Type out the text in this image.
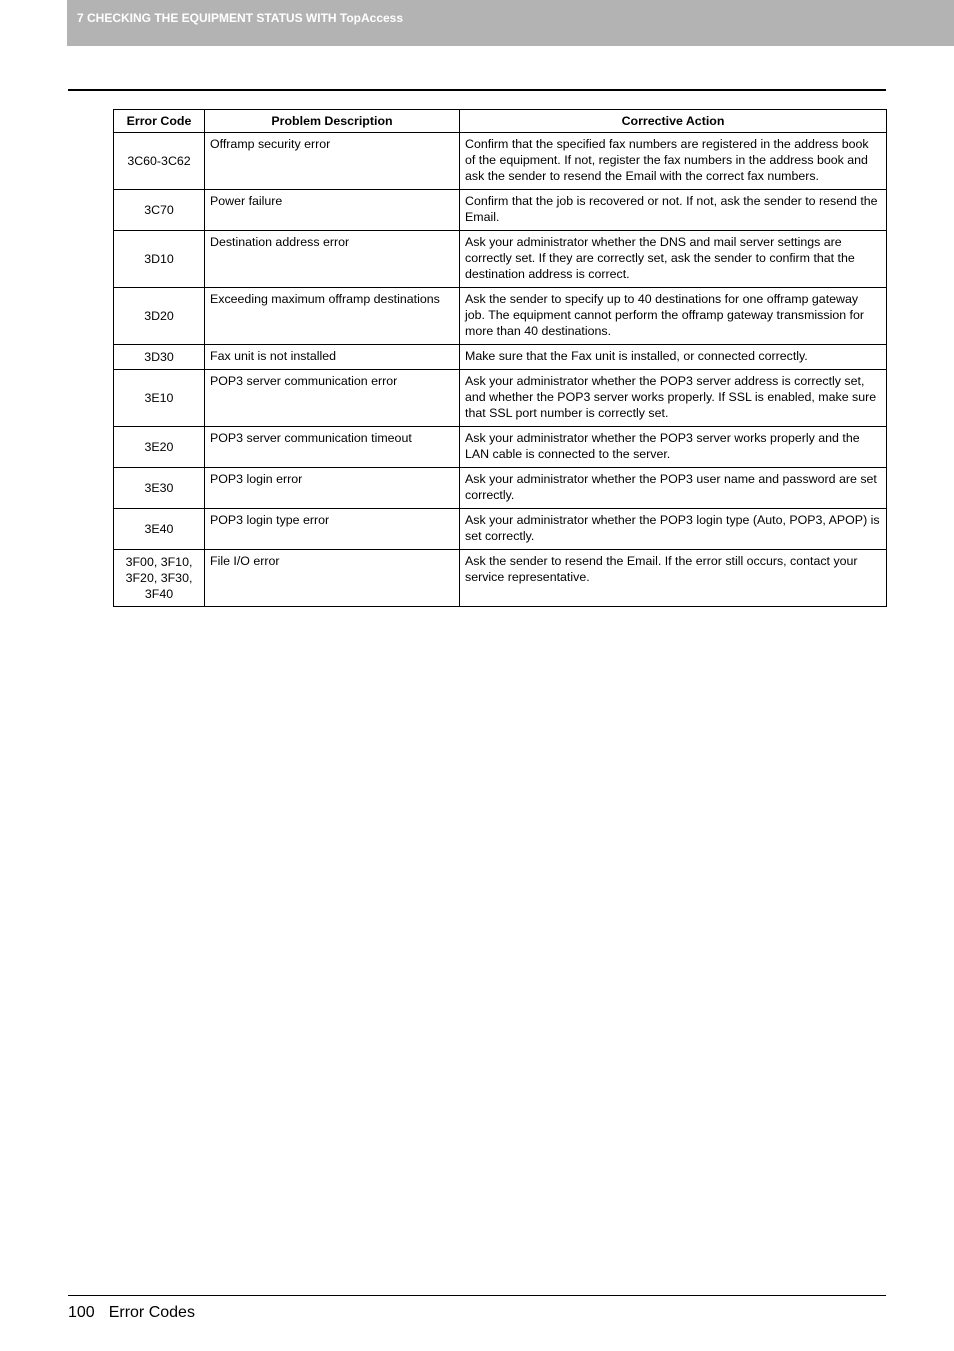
7 CHECKING THE EQUIPMENT STATUS WITH TopAccess
Error Code	Problem Description	Corrective Action
3C60-3C62	Offramp security error	Confirm that the specified fax numbers are registered in the address book of the equipment. If not, register the fax numbers in the address book and ask the sender to resend the Email with the correct fax numbers.
3C70	Power failure	Confirm that the job is recovered or not. If not, ask the sender to resend the Email.
3D10	Destination address error	Ask your administrator whether the DNS and mail server settings are correctly set. If they are correctly set, ask the sender to confirm that the destination address is correct.
3D20	Exceeding maximum offramp destinations	Ask the sender to specify up to 40 destinations for one offramp gateway job. The equipment cannot perform the offramp gateway transmission for more than 40 destinations.
3D30	Fax unit is not installed	Make sure that the Fax unit is installed, or connected correctly.
3E10	POP3 server communication error	Ask your administrator whether the POP3 server address is correctly set, and whether the POP3 server works properly. If SSL is enabled, make sure that SSL port number is correctly set.
3E20	POP3 server communication timeout	Ask your administrator whether the POP3 server works properly and the LAN cable is connected to the server.
3E30	POP3 login error	Ask your administrator whether the POP3 user name and password are set correctly.
3E40	POP3 login type error	Ask your administrator whether the POP3 login type (Auto, POP3, APOP) is set correctly.
3F00, 3F10, 3F20, 3F30, 3F40	File I/O error	Ask the sender to resend the Email. If the error still occurs, contact your service representative.
100 Error Codes
